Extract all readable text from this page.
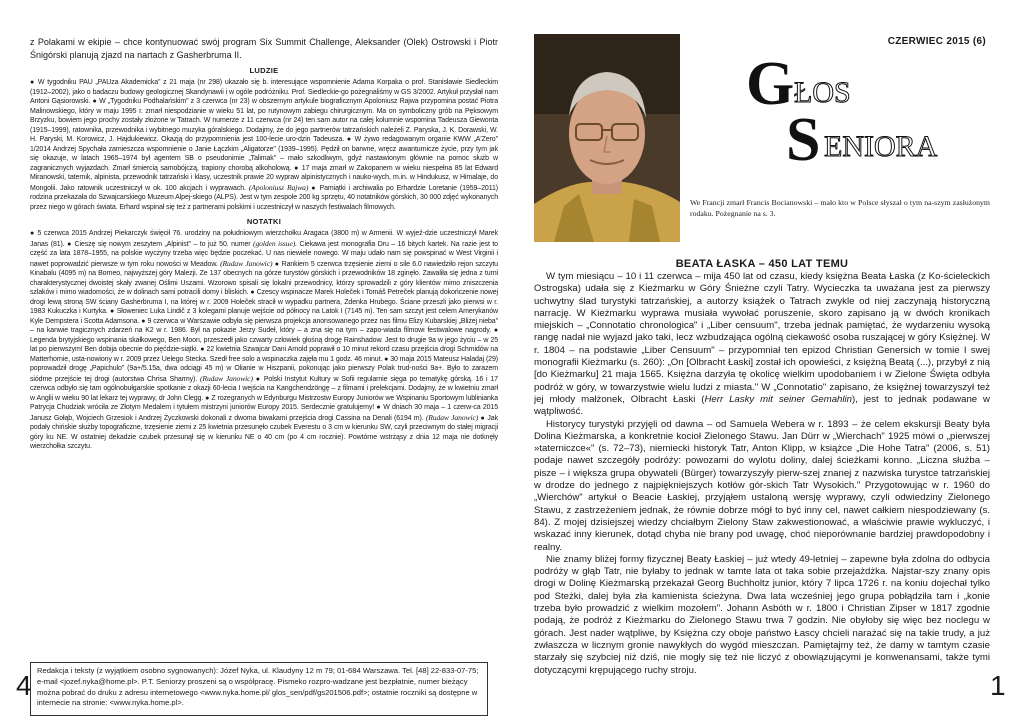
z Polakami w ekipie – chce kontynuować swój program Six Summit Challenge, Aleksander (Olek) Ostrowski i Piotr Śnigórski planują zjazd na nartach z Gasherbruma II.

LUDZIE

● W tygodniku PAU „PAUza Akademicka" z 21 maja (nr 298) ukazało się b. interesujące wspomnienie Adama Korpaka o prof. Stanisławie Siedleckim (1912–2002), jako o badaczu budowy geologicznej Skandynawii i w ogóle podróżniku. Prof. Siedleckie-go pożegnaliśmy w GS 3/2002. Artykuł przysłał nam Antoni Gąsiorowski. ● W „Tygodniku Podhalańskim" z 3 czerwca (nr 23) w obszernym artykule biograficznym Apoloniusz Rajwa przypomina postać Piotra Malinowskiego, który w maju 1995 r. zmarł niespodzianie w wieku 51 lat, po rutynowym zabiegu chirurgicznym. Ma on symboliczny grób na Pęksowym Brzyzku, bowiem jego prochy zostały złożone w Tatrach. W numerze z 11 czerwca (nr 24) ten sam autor na całej kolumnie wspomina Tadeusza Giewonta (1915–1999), ratownika, przewodnika i wybitnego muzyka góralskiego. Dodajmy, że do jego partnerów tatrzańskich należeli Z. Paryska, J. K. Dorawski, W. H. Paryski, M. Korowicz, J. Hajdukiewicz. Okazją do przypomnienia jest 100-lecie uro-dzin Tadeusza. ● W żywo redagowanym organie KWW „A'Zero" 1/2014 Andrzej Spychała zamieszcza wspomnienie o Janie Łączkim „Aligatorze" (1939–1995). Pędził on barwne, wręcz awanturnicze życie, przy tym jak się okazuje, w latach 1965–1974 był agentem SB o pseudonimie „Talimak" – mało szkodliwym, gdyż nastawionym głównie na pomoc służb w zagranicznych wyjazdach. Zmarł śmiercią samobójczą, trapiony chorobą alkoholową. ● 17 maja zmarł w Zakopanem w wieku niespełna 85 lat Edward Miranowski, taternik, alpinista, przewodnik tatrzański i klasy, uczestnik prawie 20 wypraw alpinistycznych i nauko-wych, m.in. w Hindukusz, w Himalaje, do Mongolii. Jako ratownik uczestniczył w ok. 100 akcjach i wyprawach. (Apoloniusz Rajwa) ● Pamiątki i archiwalia po Erhardzie Loretanie (1959–2011) rodzina przekazała do Szwajcarskiego Muzeum Alpej-skiego (ALPS). Jest w tym zespole 200 kg sprzętu, 40 notatników górskich, 30 000 zdjęć wykonanych przez niego w górach świata. Erhard wspinał się też z partnerami polskimi i uczestniczył w naszych festiwalach filmowych.

NOTATKI

● 5 czerwca 2015 Andrzej Piekarczyk święcił 76. urodziny na południowym wierzchołku Aragaca (3800 m) w Armenii. W wyjeź-dzie uczestniczył Marek Janas (81). ● Cieszę się nowym zeszytem „Alpinist" – to już 50. numer (golden issue). Ciekawa jest monografia Dru – 16 bitych kartek. Na razie jest to część za lata 1878–1955, na polskie wyczyny trzeba więc będzie poczekać. U nas niewiele nowego. W maju udało nam się powspinać w West Virginii i nawet poprowadzić pierwsze w tym roku nowości w Meadow. (Rudaw Janowic) ● Rankiem 5 czerwca trzęsienie ziemi o sile 6.0 nawiedziło rejon szczytu Kinabalu (4095 m) na Borneo, najwyższej góry Malezji. Ze 137 obecnych na górze turystów górskich i przewodników 18 zginęło. Zawaliła się jedna z turni charakterystycznej dwoistej skały zwanej Oślimi Uszami. Wzorowo spisali się lokalni przewodnicy, którzy sprowadzili z góry klientów mimo zniszczenia szlaków i mimo wiadomości, że w dolinach sami potracili domy i bliskich. ● Czescy wspinacze Marek Holeček i Tomáš Petreček planują dokończenie nowej drogi lewą stroną SW ściany Gasherbruma I, na której w r. 2009 Holeček stracił w wypadku partnera, Zdenka Hrubego. Ściane przeszli jako pierwsi w r. 1983 Kukuczka i Kurtyka. ● Słoweniec Luka Lindič z 3 kolegami planuje wejście od północy na Latok I (7145 m). Ten sam szczyt jest celem Amerykanów Kyle Dempstera i Scotta Adamsona. ● 9 czerwca w Warszawie odbyła się pierwsza projekcja anonsowanego przez nas filmu Elizy Kubarskiej „Bliżej nieba" – na kanwie tragicznych zdarzeń na K2 w r. 1986. Był na pokazie Jerzy Sudeł, który – a zna się na tym – zapo-wiada filmowi festiwalowe nagrody. ● Legenda brytyjskiego wspinania skałkowego, Ben Moon, przeszedł jako czwarty człowiek głośną drogę Rainshadow. Jest to drugie 9a w jego życiu – w 25 lat po pierwszym! Ben dobija obecnie do pięćdzie-siątki. ● 22 kwietnia Szwajcar Dani Arnold poprawił o 10 minut rekord czasu przejścia drogi Schmidów na Matterhornie, usta-nowiony w r. 2009 przez Uelego Stecka. Szedł free solo a wspinaczka zajęła mu 1 godz. 46 minut. ● 30 maja 2015 Mateusz Haladaj (29) poprowadził drogę „Papichulo" (9a+/5.15a, dwa odciągi 45 m) w Olianie w Hiszpanii, pokonując jako pierwszy Polak trud-ności 9a+. Było to zarazem siódme przejście tej drogi (autorstwa Chrisa Sharmy). (Rudaw Janowic) ● Polski Instytut Kultury w Sofii regularnie sięga po tematykę górską. 16 i 17 czerwca odbyło się tam ogólnobułgarskie spotkanie z okazji 60-lecia I wejścia na Kangchendzöngę – z filmami i prelekcjami. Dodajmy, że w kwietniu zmarł w Anglii w wieku 90 lat lekarz tej wyprawy, dr John Clegg. ● Z rozegranych w Edynburgu Mistrzostw Europy Juniorów we Wspinaniu Sportowym lublinianka Patrycja Chudziak wróciła ze Złotym Medalem i tytułem mistrzyni juniorów Europy 2015. Serdecznie gratulujemy! ● W dniach 30 maja – 1 czerw-ca 2015 Janusz Gołąb, Wojciech Grzesiok i Andrzej Życzkowski dokonali z dwoma biwakami przejścia drogi Cassina na Denali (6194 m). (Rudaw Janowic) ● Jak podały chińskie służby topograficzne, trzęsienie ziemi z 25 kwietnia przesunęło czubek Everestu o 3 cm w kierunku SW, czyli przeciwnym do stałej migracji góry ku NE. W ostatniej dekadzie czubek przesunął się w kierunku NE o 40 cm (po 4 cm rocznie). Powtórne wstrząsy z dnia 12 maja nie dotknęły wierzchołka szczytu.

Redakcja i teksty (z wyjątkiem osobno sygnowanych): Józef Nyka, ul. Klaudyny 12 m 79; 01-684 Warszawa. Tel. [48] 22-833-07-75; e-mail <jozef.nyka@home.pl>. P.T. Seniorzy proszeni są o współpracę. Pismeko rozpro-wadzane jest bezpłatnie, numer bieżący można pobrać do druku z adresu internetowego <www.nyka.home.pl/ glos_sen/pdf/gs201506.pdf>; ostatnie roczniki są dostępne w internecie na stronie: <www.nyka.home.pl>.
4
CZERWIEC 2015 (6)
G ŁOS
S ENIORA
We Francji zmarł Francis Bocianowski – mało kto w Polsce słyszał o tym na-szym zasłużonym rodaku. Pożegnanie na s. 3.
BEATA ŁASKA – 450 LAT TEMU

W tym miesiącu – 10 i 11 czerwca – mija 450 lat od czasu, kiedy księżna Beata Łaska (z Ko-ścieleckich Ostrogska) udała się z Kieżmarku w Góry Śnieżne czyli Tatry. Wycieczka ta uważana jest za pierwszy uchwytny ślad turystyki tatrzańskiej, a autorzy książek o Tatrach zwykle od niej zaczynają historyczną narrację. W Kieżmarku wyprawa musiała wywołać poruszenie, skoro zapisano ją w dwóch kronikach miejskich – „Connotatio chronologica" i „Liber censuum", trzeba jednak pamiętać, że wydarzeniu wysoką rangę nadał nie wyjazd jako taki, lecz wzbudzająca ogólną ciekawość osoba ruszającej w góry Księżnej. W r. 1804 – na podstawie „Liber Censuum" – przypomniał ten epizod Christian Genersich w tomie I swej monografii Kieżmarku (s. 260): „On [Olbracht Łaski] został ich opowieści, z księżną Beatą (...), przybył z nią [do Kieżmarku] 21 maja 1565. Księżna darzyła tę okolicę wielkim upodobaniem i w Zielone Święta odbyła podróż w góry, w towarzystwie wielu ludzi z miasta." W „Connotatio" zapisano, że księżnej towarzyszył też jej młody małżonek, Olbracht Łaski (Herr Lasky mit seiner Gemahlin), jest to jednak podawane w wątpliwość.

Historycy turystyki przyjęli od dawna – od Samuela Webera w r. 1893 – że celem ekskursji Beaty była Dolina Kieżmarska, a konkretnie kocioł Zielonego Stawu. Jan Dürr w „Wierchach" 1925 mówi o „pierwszej »taterniczce«" (s. 72–73), niemiecki historyk Tatr, Anton Klipp, w książce „Die Hohe Tatra" (2006, s. 51) podaje nawet szczegóły podróży: powozami do wylotu doliny, dalej ścieżkami konno. „Liczna służba – pisze – i większa grupa obywateli (Bürger) towarzyszyły pierw-szej znanej z nazwiska turystce tatrzańskiej w drodze do jednego z najpiękniejszych kotłów gór-skich Tatr Wysokich." Przygotowując w r. 1960 do „Wierchów" artykuł o Beacie Łaskiej, przyjąłem ustaloną wersję wyprawy, czyli odwiedziny Zielonego Stawu, z zastrzeżeniem jednak, że równie dobrze mógł to być inny cel, nawet całkiem niespodziewany (s. 84). Z mojej dzisiejszej wiedzy chciałbym Zielony Staw zakwestionować, a właściwie prawie wykluczyć, i wskazać inny kierunek, dotąd chyba nie brany pod uwagę, choć nieporównanie bardziej prawdopodobny i realny.

Nie znamy bliżej formy fizycznej Beaty Łaskiej – już wtedy 49-letniej – zapewne była zdolna do odbycia podróży w głąb Tatr, nie byłaby to jednak w tamte lata ot taka sobie przejażdżka. Najstar-szy znany opis drogi w Dolinę Kieżmarską przekazał Georg Buchholtz junior, który 7 lipca 1726 r. na koniu dojechał tylko pod Steżki, dalej była zła kamienista ścieżyna. Dwa lata wcześniej jego grupa pobłądziła tam i „konie trzeba było prowadzić z wielkim mozołem". Johann Asbóth w r. 1800 i Christian Zipser w 1817 zgodnie podają, że podróż z Kieżmarku do Zielonego Stawu trwa 7 godzin. Nie obyłoby się więc bez noclegu w górach. Jest nader wątpliwe, by Księżna czy oboje państwo Łascy chcieli narażać się na takie trudy, a już zwłaszcza w licznym gronie nawykłych do wygód mieszczan. Pamiętajmy też, że damy w tamtym czasie starzały się szybciej niż dziś, nie mogły się też nie liczyć z obowiązującymi je konwenansami, także tymi dotyczącymi krępującego ruchy stroju.	1
